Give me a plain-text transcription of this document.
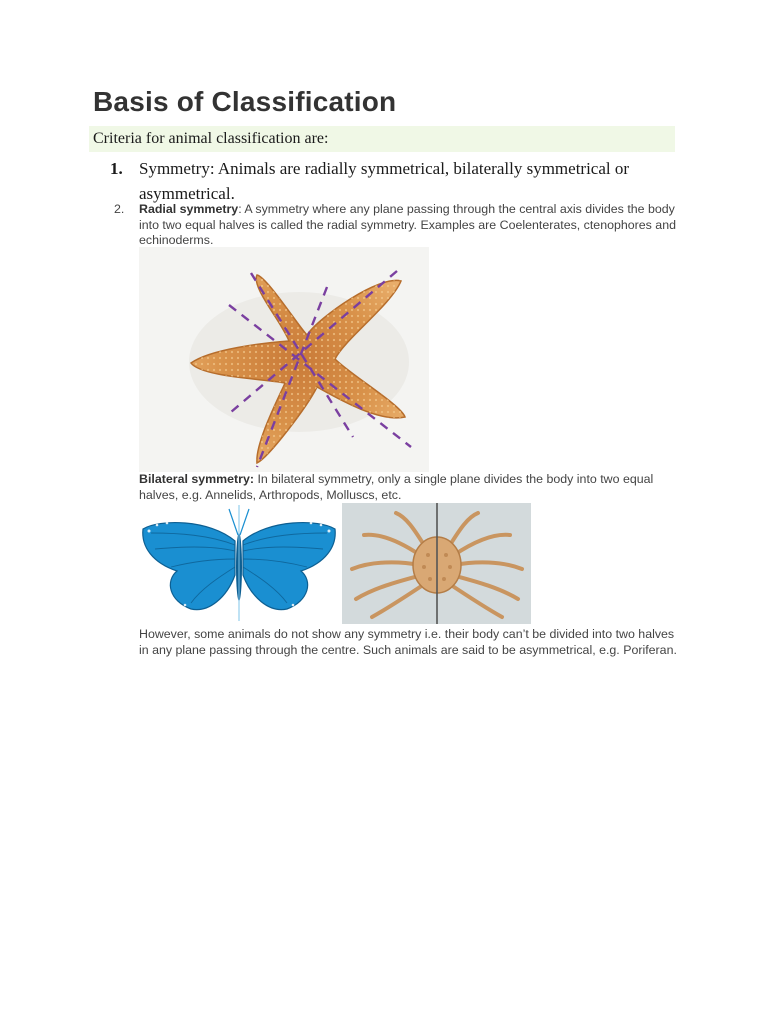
Basis of Classification
Criteria for animal classification are:
1. Symmetry: Animals are radially symmetrical, bilaterally symmetrical or asymmetrical.
2. Radial symmetry: A symmetry where any plane passing through the central axis divides the body into two equal halves is called the radial symmetry. Examples are Coelenterates, ctenophores and echinoderms.
Bilateral symmetry: In bilateral symmetry, only a single plane divides the body into two equal halves, e.g. Annelids, Arthropods, Molluscs, etc.
However, some animals do not show any symmetry i.e. their body can’t be divided into two halves in any plane passing through the centre. Such animals are said to be asymmetrical, e.g. Poriferan.
